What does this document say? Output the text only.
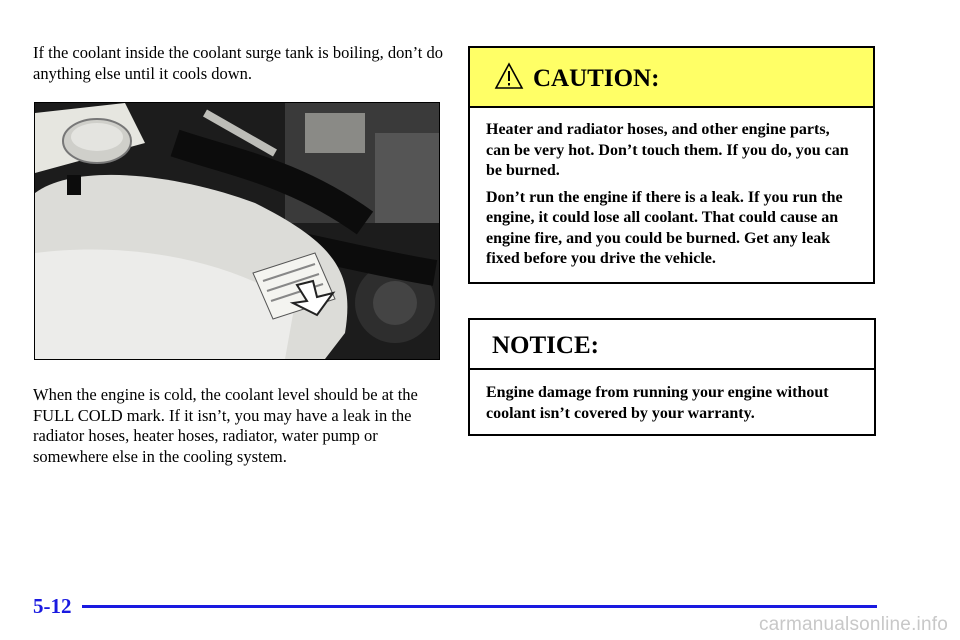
If the coolant inside the coolant surge tank is boiling, don’t do anything else until it cools down.

When the engine is cold, the coolant level should be at the FULL COLD mark. If it isn’t, you may have a leak in the radiator hoses, heater hoses, radiator, water pump or somewhere else in the cooling system.

CAUTION:

Heater and radiator hoses, and other engine parts, can be very hot. Don’t touch them. If you do, you can be burned.

Don’t run the engine if there is a leak. If you run the engine, it could lose all coolant. That could cause an engine fire, and you could be burned. Get any leak fixed before you drive the vehicle.

NOTICE:

Engine damage from running your engine without coolant isn’t covered by your warranty.

5-12
carmanualsonline.info
